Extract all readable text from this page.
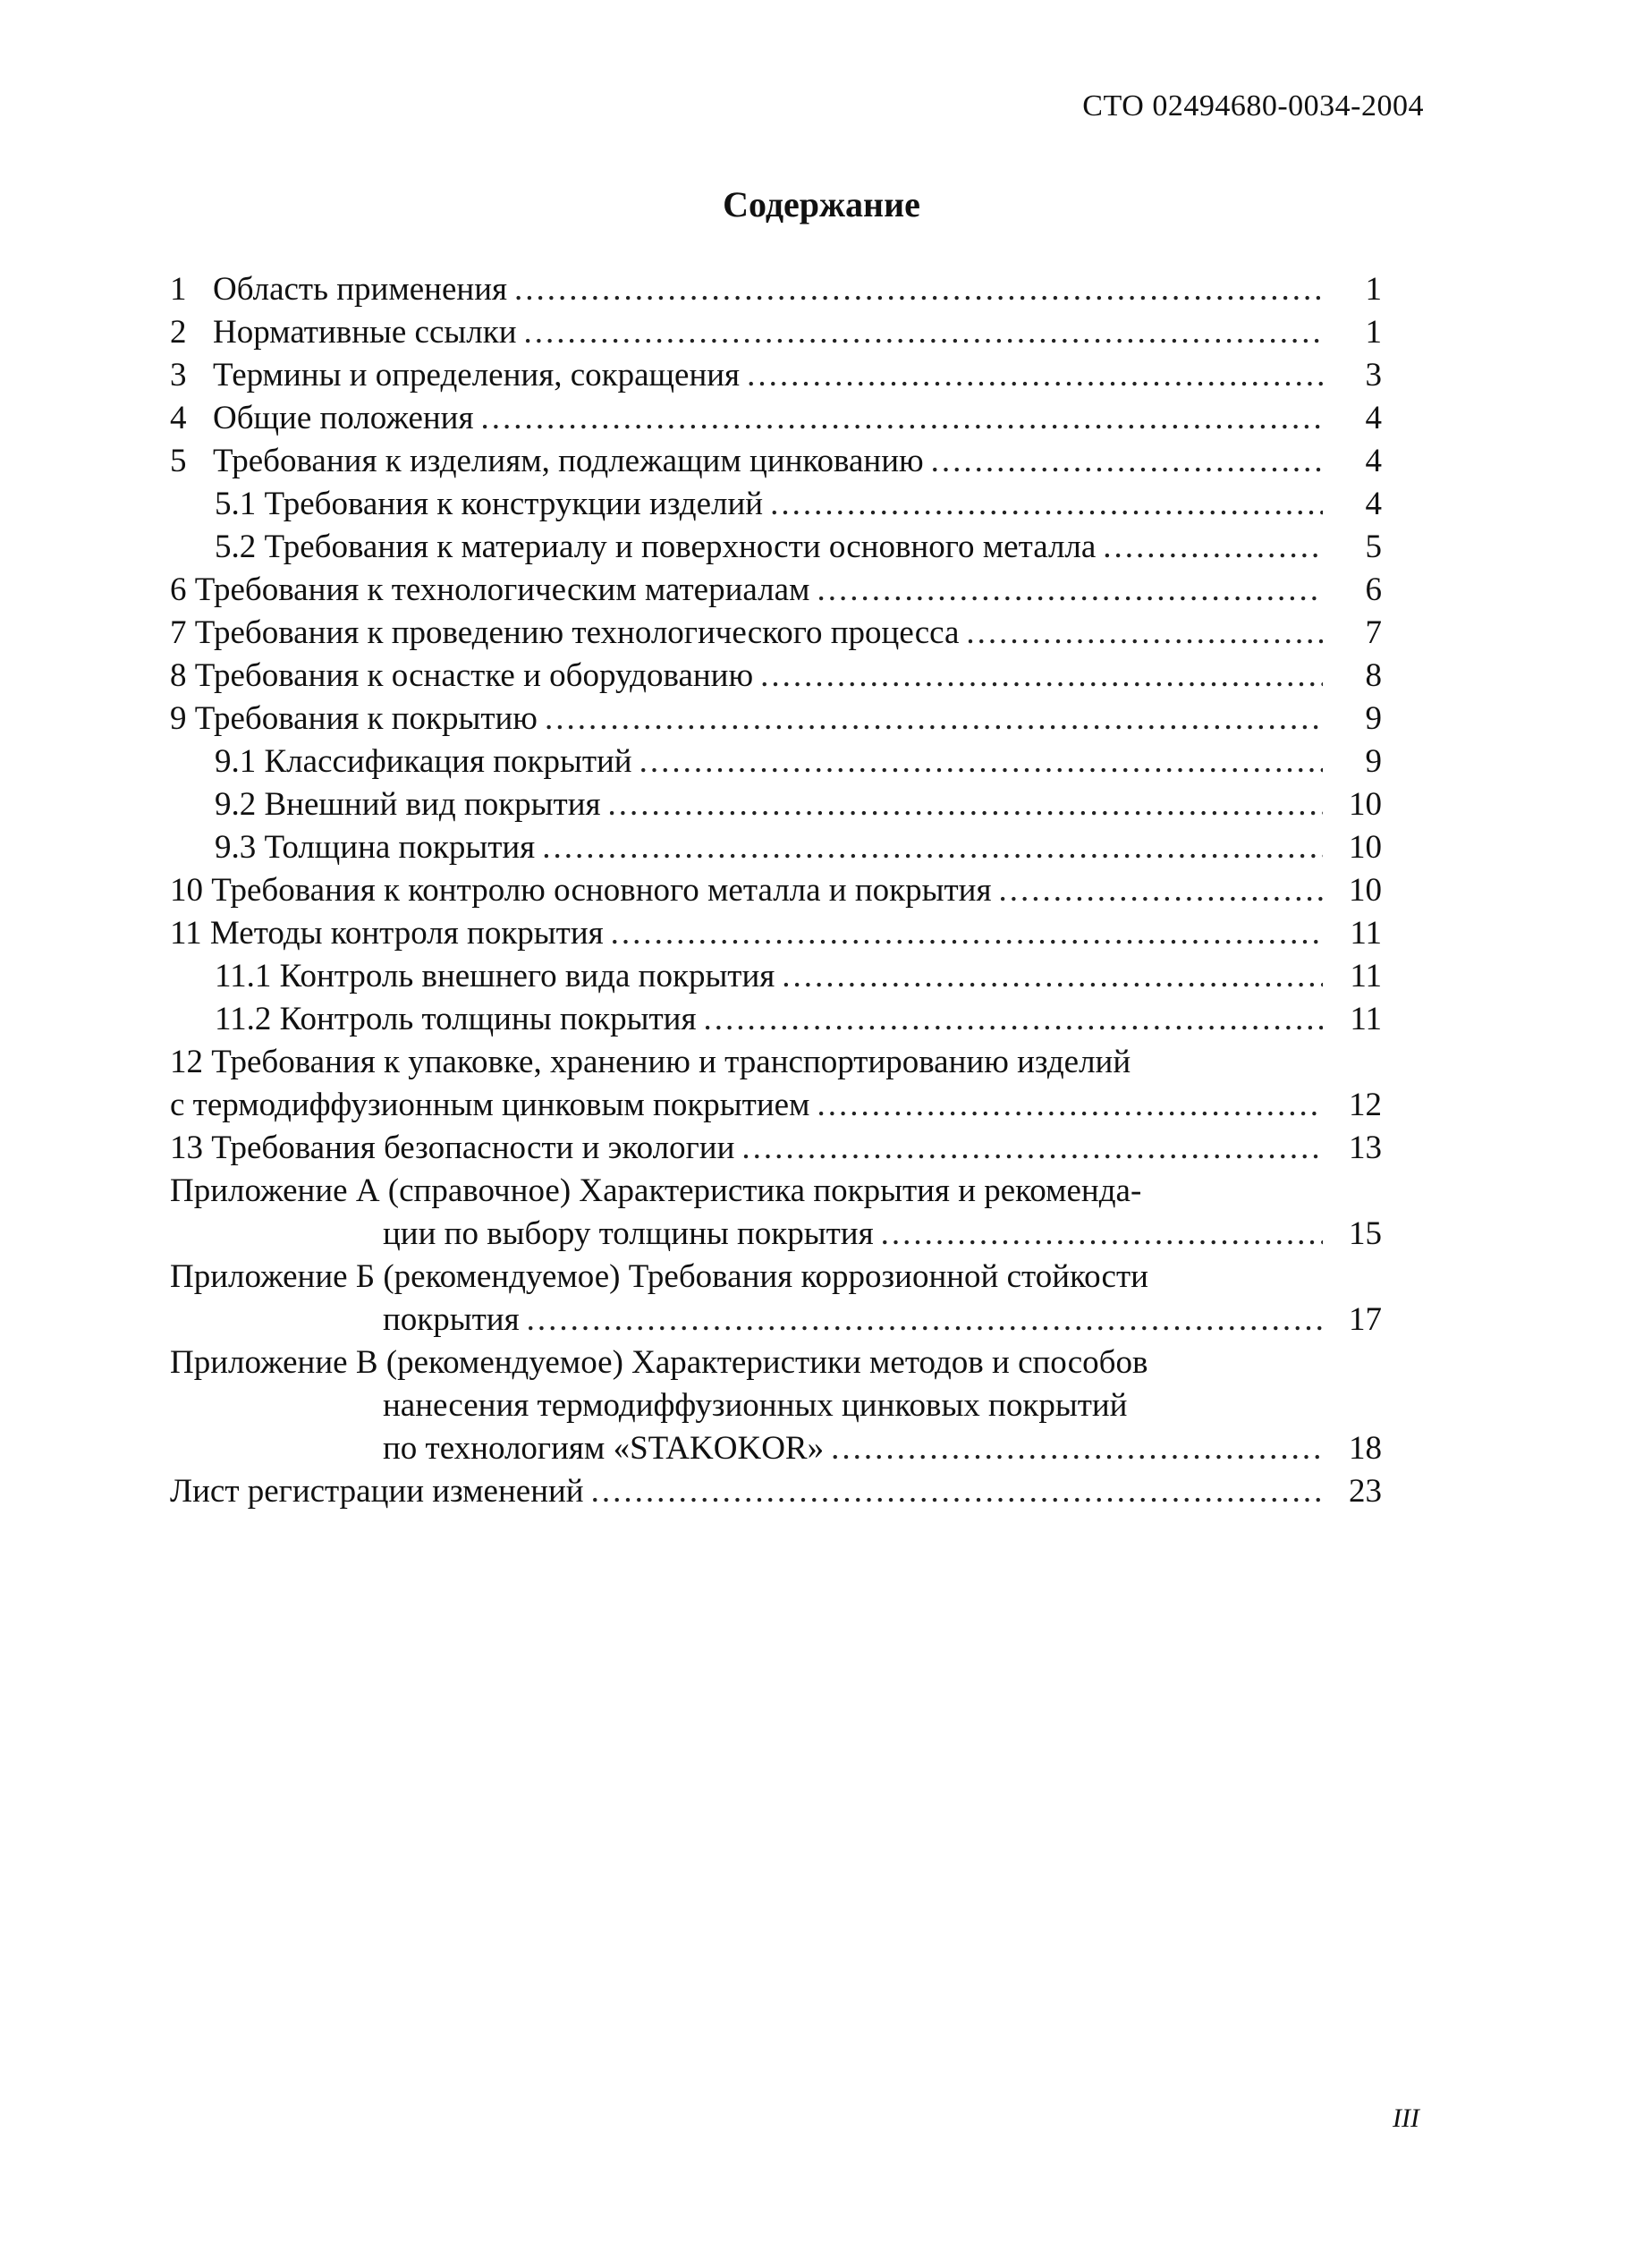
СТО 02494680-0034-2004

Содержание
1 Область применения .....	1
2 Нормативные ссылки .....	1
3 Термины и определения, сокращения .....	3
4 Общие положения .....	4
5 Требования к изделиям, подлежащим цинкованию .....	4
5.1 Требования к конструкции изделий .....	4
5.2 Требования к материалу и поверхности основного металла .....	5
6 Требования к технологическим материалам .....	6
7 Требования к проведению технологического процесса .....	7
8 Требования к оснастке и оборудованию .....	8
9 Требования к покрытию .....	9
9.1 Классификация покрытий .....	9
9.2 Внешний вид покрытия .....	10
9.3 Толщина покрытия .....	10
10 Требования к контролю основного металла и покрытия .....	10
11 Методы контроля покрытия .....	11
11.1 Контроль внешнего вида покрытия .....	11
11.2 Контроль толщины покрытия .....	11
12 Требования к упаковке, хранению и транспортированию изделий
с термодиффузионным цинковым покрытием .....	12
13 Требования безопасности и экологии .....	13
Приложение А (справочное) Характеристика покрытия и рекоменда-
ции по выбору толщины покрытия .....	15
Приложение Б (рекомендуемое) Требования коррозионной стойкости
покрытия .....	17
Приложение В (рекомендуемое) Характеристики методов и способов
нанесения термодиффузионных цинковых покрытий
по технологиям «STAKOKOR» .....	18
Лист регистрации изменений .....	23

III
